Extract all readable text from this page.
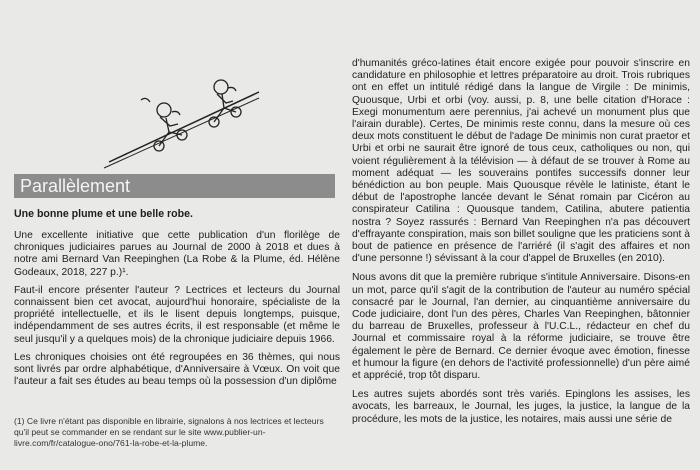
Parallèlement
Une bonne plume et une belle robe.

Une excellente initiative que cette publication d'un florilège de chroniques judiciaires parues au Journal de 2000 à 2018 et dues à notre ami Bernard Van Reepinghen (La Robe & la Plume, éd. Hélène Godeaux, 2018, 227 p.)¹.

Faut-il encore présenter l'auteur ? Lectrices et lecteurs du Journal connaissent bien cet avocat, aujourd'hui honoraire, spécialiste de la propriété intellectuelle, et ils le lisent depuis longtemps, puisque, indépendamment de ses autres écrits, il est responsable (et même le seul jusqu'il y a quelques mois) de la chronique judiciaire depuis 1966.

Les chroniques choisies ont été regroupées en 36 thèmes, qui nous sont livrés par ordre alphabétique, d'Anniversaire à Vœux. On voit que l'auteur a fait ses études au beau temps où la possession d'un diplôme

(1) Ce livre n'étant pas disponible en librairie, signalons à nos lectrices et lecteurs qu'il peut se commander en se rendant sur le site www.publier-un-livre.com/fr/catalogue-ono/761-la-robe-et-la-plume.

d'humanités gréco-latines était encore exigée pour pouvoir s'inscrire en candidature en philosophie et lettres préparatoire au droit. Trois rubriques ont en effet un intitulé rédigé dans la langue de Virgile : De minimis, Quousque, Urbi et orbi (voy. aussi, p. 8, une belle citation d'Horace : Exegi monumentum aere perennius, j'ai achevé un monument plus que l'airain durable). Certes, De minimis reste connu, dans la mesure où ces deux mots constituent le début de l'adage De minimis non curat praetor et Urbi et orbi ne saurait être ignoré de tous ceux, catholiques ou non, qui voient régulièrement à la télévision — à défaut de se trouver à Rome au moment adéquat — les souverains pontifes successifs donner leur bénédiction au bon peuple. Mais Quousque révèle le latiniste, étant le début de l'apostrophe lancée devant le Sénat romain par Cicéron au conspirateur Catilina : Quousque tandem, Catilina, abutere patientia nostra ? Soyez rassurés : Bernard Van Reepinghen n'a pas découvert d'effrayante conspiration, mais son billet souligne que les praticiens sont à bout de patience en présence de l'arriéré (il s'agit des affaires et non d'une personne !) sévissant à la cour d'appel de Bruxelles (en 2010).

Nous avons dit que la première rubrique s'intitule Anniversaire. Disons-en un mot, parce qu'il s'agit de la contribution de l'auteur au numéro spécial consacré par le Journal, l'an dernier, au cinquantième anniversaire du Code judiciaire, dont l'un des pères, Charles Van Reepinghen, bâtonnier du barreau de Bruxelles, professeur à l'U.C.L., rédacteur en chef du Journal et commissaire royal à la réforme judiciaire, se trouve être également le père de Bernard. Ce dernier évoque avec émotion, finesse et humour la figure (en dehors de l'activité professionnelle) d'un père aimé et apprécié, trop tôt disparu.

Les autres sujets abordés sont très variés. Epinglons les assises, les avocats, les barreaux, le Journal, les juges, la justice, la langue de la procédure, les mots de la justice, les notaires, mais aussi une série de
